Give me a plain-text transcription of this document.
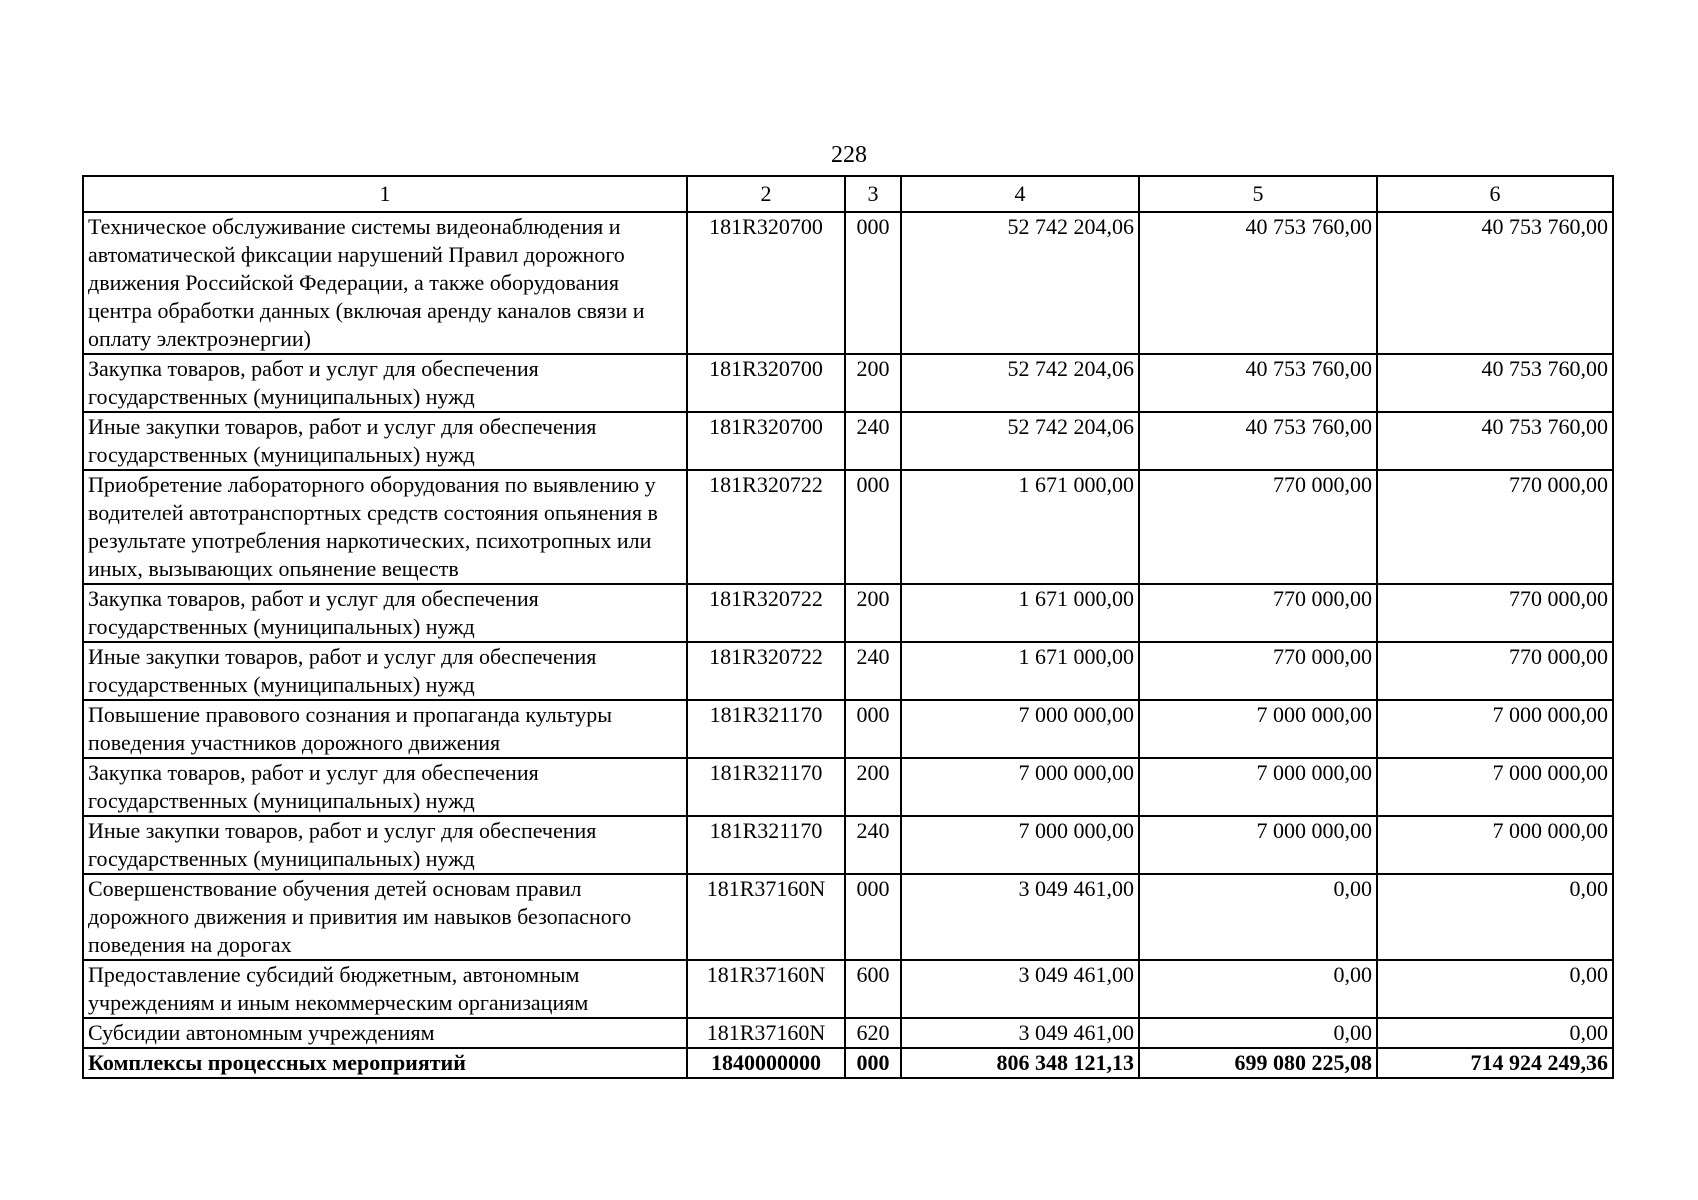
228
1	2	3	4	5	6
Техническое обслуживание системы видеонаблюдения и автоматической фиксации нарушений Правил дорожного движения Российской Федерации, а также оборудования центра обработки данных (включая аренду каналов связи и оплату электроэнергии)	181R320700	000	52 742 204,06	40 753 760,00	40 753 760,00
Закупка товаров, работ и услуг для обеспечения государственных (муниципальных) нужд	181R320700	200	52 742 204,06	40 753 760,00	40 753 760,00
Иные закупки товаров, работ и услуг для обеспечения государственных (муниципальных) нужд	181R320700	240	52 742 204,06	40 753 760,00	40 753 760,00
Приобретение лабораторного оборудования по выявлению у водителей автотранспортных средств состояния опьянения в результате употребления наркотических, психотропных или иных, вызывающих опьянение веществ	181R320722	000	1 671 000,00	770 000,00	770 000,00
Закупка товаров, работ и услуг для обеспечения государственных (муниципальных) нужд	181R320722	200	1 671 000,00	770 000,00	770 000,00
Иные закупки товаров, работ и услуг для обеспечения государственных (муниципальных) нужд	181R320722	240	1 671 000,00	770 000,00	770 000,00
Повышение правового сознания и пропаганда культуры поведения участников дорожного движения	181R321170	000	7 000 000,00	7 000 000,00	7 000 000,00
Закупка товаров, работ и услуг для обеспечения государственных (муниципальных) нужд	181R321170	200	7 000 000,00	7 000 000,00	7 000 000,00
Иные закупки товаров, работ и услуг для обеспечения государственных (муниципальных) нужд	181R321170	240	7 000 000,00	7 000 000,00	7 000 000,00
Совершенствование обучения детей основам правил дорожного движения и привития им навыков безопасного поведения на дорогах	181R37160N	000	3 049 461,00	0,00	0,00
Предоставление субсидий бюджетным, автономным учреждениям и иным некоммерческим организациям	181R37160N	600	3 049 461,00	0,00	0,00
Субсидии автономным учреждениям	181R37160N	620	3 049 461,00	0,00	0,00
Комплексы процессных мероприятий	1840000000	000	806 348 121,13	699 080 225,08	714 924 249,36
